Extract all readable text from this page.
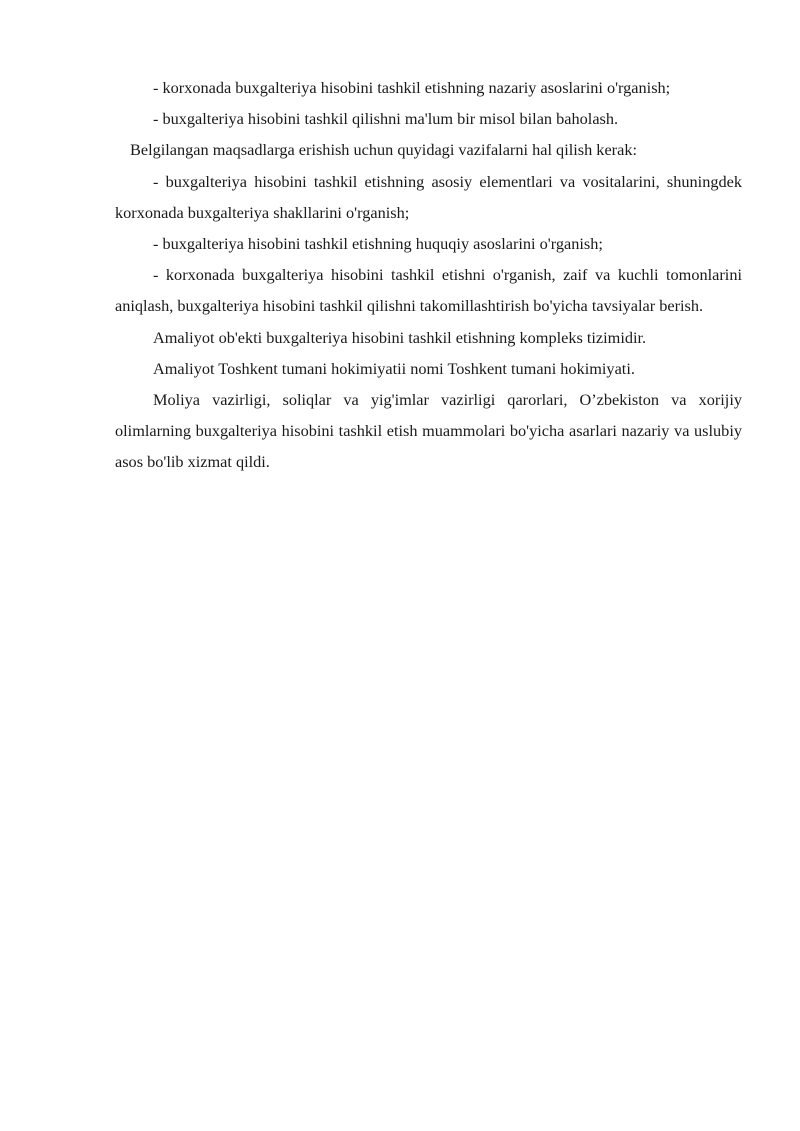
- korxonada buxgalteriya hisobini tashkil etishning nazariy asoslarini o'rganish;

- buxgalteriya hisobini tashkil qilishni ma'lum bir misol bilan baholash.

Belgilangan maqsadlarga erishish uchun quyidagi vazifalarni hal qilish kerak:

- buxgalteriya hisobini tashkil etishning asosiy elementlari va vositalarini, shuningdek korxonada buxgalteriya shakllarini o'rganish;

- buxgalteriya hisobini tashkil etishning huquqiy asoslarini o'rganish;

- korxonada buxgalteriya hisobini tashkil etishni o'rganish, zaif va kuchli tomonlarini aniqlash, buxgalteriya hisobini tashkil qilishni takomillashtirish bo'yicha tavsiyalar berish.

Amaliyot ob'ekti buxgalteriya hisobini tashkil etishning kompleks tizimidir.

Amaliyot Toshkent tumani hokimiyatii nomi Toshkent tumani hokimiyati.

Moliya vazirligi, soliqlar va yig'imlar vazirligi qarorlari, O’zbekiston va xorijiy olimlarning buxgalteriya hisobini tashkil etish muammolari bo'yicha asarlari nazariy va uslubiy asos bo'lib xizmat qildi.
